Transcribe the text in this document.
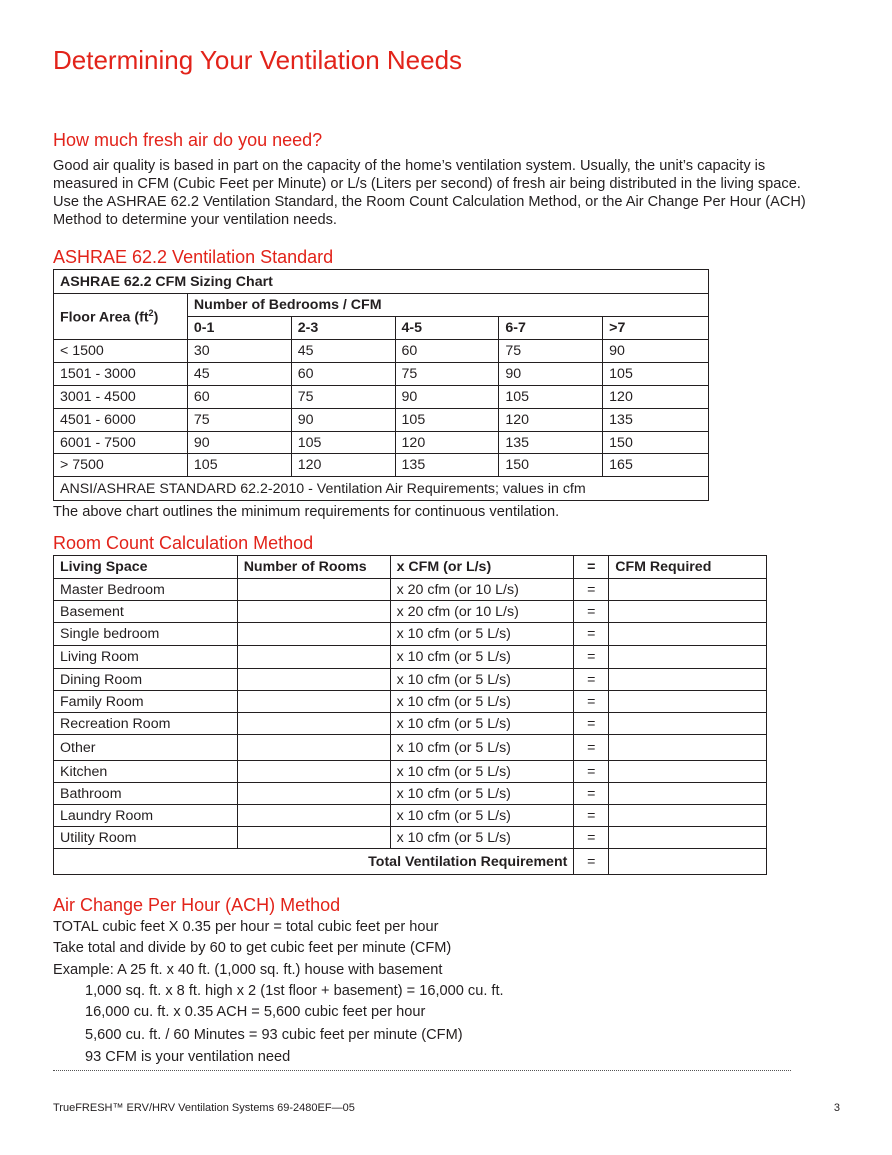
Determining Your Ventilation Needs
How much fresh air do you need?

Good air quality is based in part on the capacity of the home’s ventilation system. Usually, the unit’s capacity is measured in CFM (Cubic Feet per Minute) or L/s (Liters per second) of fresh air being distributed in the living space. Use the ASHRAE 62.2 Ventilation Standard, the Room Count Calculation Method, or the Air Change Per Hour (ACH) Method to determine your ventilation needs.

ASHRAE 62.2 Ventilation Standard
ASHRAE 62.2 CFM Sizing Chart					
Floor Area $(ft^2)$	Number of Bedrooms / CFM				
	0-1	2-3	4-5	6-7	>7
< 1500	30	45	60	75	90
1501 - 3000	45	60	75	90	105
3001 - 4500	60	75	90	105	120
4501 - 6000	75	90	105	120	135
6001 - 7500	90	105	120	135	150
> 7500	105	120	135	150	165
ANSI/ASHRAE STANDARD 62.2-2010 - Ventilation Air Requirements; values in cfm					

The above chart outlines the minimum requirements for continuous ventilation.

Room Count Calculation Method
Living Space	Number of Rooms	x CFM (or L/s)	=	CFM Required
Master Bedroom		x 20 cfm (or 10 L/s)	=	
Basement		x 20 cfm (or 10 L/s)	=	
Single bedroom		x 10 cfm (or 5 L/s)	=	
Living Room		x 10 cfm (or 5 L/s)	=	
Dining Room		x 10 cfm (or 5 L/s)	=	
Family Room		x 10 cfm (or 5 L/s)	=	
Recreation Room		x 10 cfm (or 5 L/s)	=	
Other		x 10 cfm (or 5 L/s)	=	
Kitchen		x 10 cfm (or 5 L/s)	=	
Bathroom		x 10 cfm (or 5 L/s)	=	
Laundry Room		x 10 cfm (or 5 L/s)	=	
Utility Room		x 10 cfm (or 5 L/s)	=	
Total Ventilation Requirement			=	
Air Change Per Hour (ACH) Method
TOTAL cubic feet X 0.35 per hour = total cubic feet per hour
Take total and divide by 60 to get cubic feet per minute (CFM)
Example: A 25 ft. x 40 ft. (1,000 sq. ft.) house with basement
1,000 sq. ft. x 8 ft. high x 2 (1st floor + basement) = 16,000 cu. ft.
16,000 cu. ft. x 0.35 ACH = 5,600 cubic feet per hour
5,600 cu. ft. / 60 Minutes = 93 cubic feet per minute (CFM)
93 CFM is your ventilation need
TrueFRESH™ ERV/HRV Ventilation Systems 69-2480EF—05	3
